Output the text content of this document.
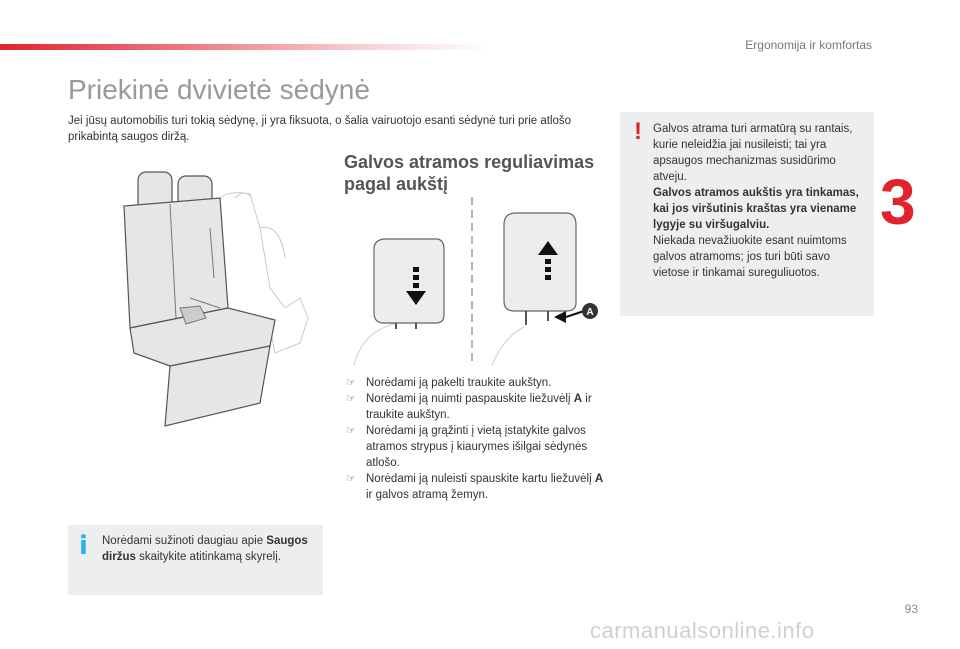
Ergonomija ir komfortas
3
Priekinė dvivietė sėdynė

Jei jūsų automobilis turi tokią sėdynę, ji yra fiksuota, o šalia vairuotojo esanti sėdynė turi prie atlošo prikabintą saugos diržą.

Galvos atramos reguliavimas pagal aukštį
A
☞ Norėdami ją pakelti traukite aukštyn.
☞ Norėdami ją nuimti paspauskite liežuvėlį A ir traukite aukštyn.
☞ Norėdami ją grąžinti į vietą įstatykite galvos atramos strypus į kiaurymes išilgai sėdynės atlošo.
☞ Norėdami ją nuleisti spauskite kartu liežuvėlį A ir galvos atramą žemyn.
! Galvos atrama turi armatūrą su rantais, kurie neleidžia jai nusileisti; tai yra apsaugos mechanizmas susidūrimo atveju.

Galvos atramos aukštis yra tinkamas, kai jos viršutinis kraštas yra viename lygyje su viršugalviu.

Niekada nevažiuokite esant nuimtoms galvos atramoms; jos turi būti savo vietose ir tinkamai sureguliuotos.

i Norėdami sužinoti daugiau apie Saugos diržus skaitykite atitinkamą skyrelį.
93
carmanualsonline.info
